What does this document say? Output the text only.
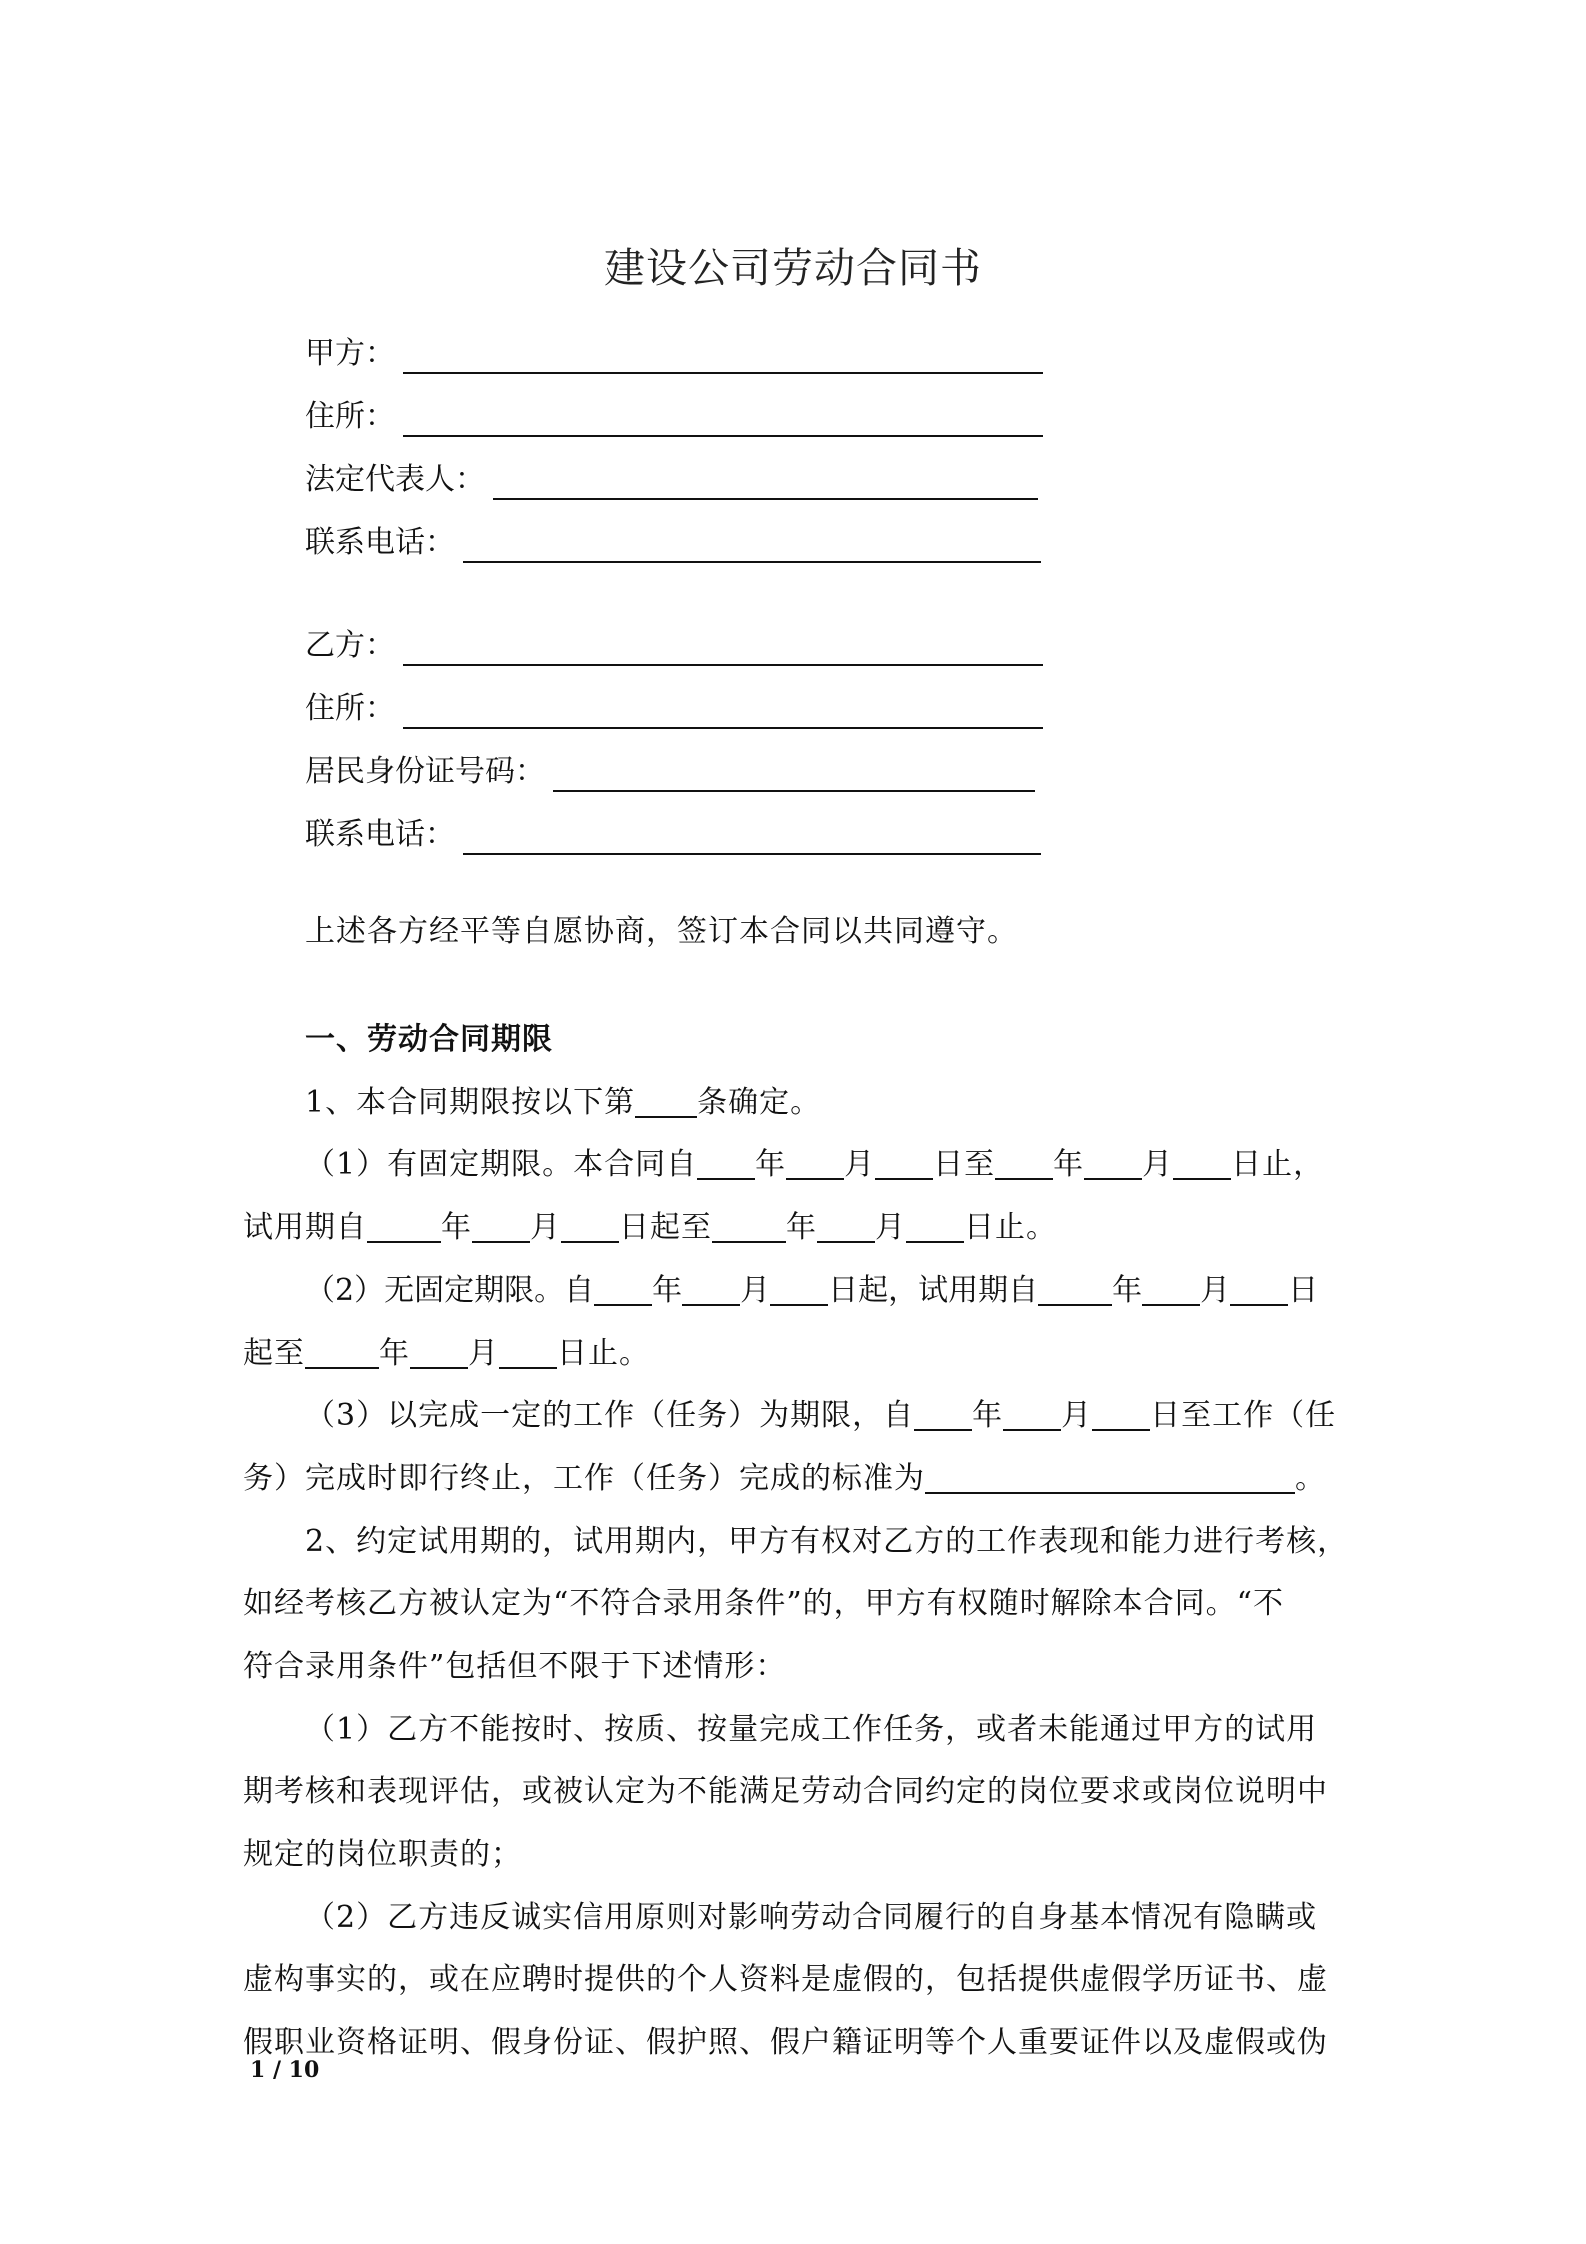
建设公司劳动合同书
甲方：
住所：
法定代表人：
联系电话：
乙方：
住所：
居民身份证号码：
联系电话：
上述各方经平等自愿协商，签订本合同以共同遵守。
一、劳动合同期限
1、本合同期限按以下第 条确定。
（1）有固定期限。本合同自 年 月 日至 年 月 日止，
试用期自 年 月 日起至 年 月 日止。
（2）无固定期限。自 年 月 日起，试用期自 年 月 日
起至 年 月 日止。
（3）以完成一定的工作（任务）为期限，自 年 月 日至工作（任
务）完成时即行终止，工作（任务）完成的标准为	。
2、约定试用期的，试用期内，甲方有权对乙方的工作表现和能力进行考核，
如经考核乙方被认定为“不符合录用条件”的，甲方有权随时解除本合同。“不
符合录用条件”包括但不限于下述情形：
（1）乙方不能按时、按质、按量完成工作任务，或者未能通过甲方的试用
期考核和表现评估，或被认定为不能满足劳动合同约定的岗位要求或岗位说明中
规定的岗位职责的；
（2）乙方违反诚实信用原则对影响劳动合同履行的自身基本情况有隐瞒或
虚构事实的，或在应聘时提供的个人资料是虚假的，包括提供虚假学历证书、虚
假职业资格证明、假身份证、假护照、假户籍证明等个人重要证件以及虚假或伪
1 / 10
